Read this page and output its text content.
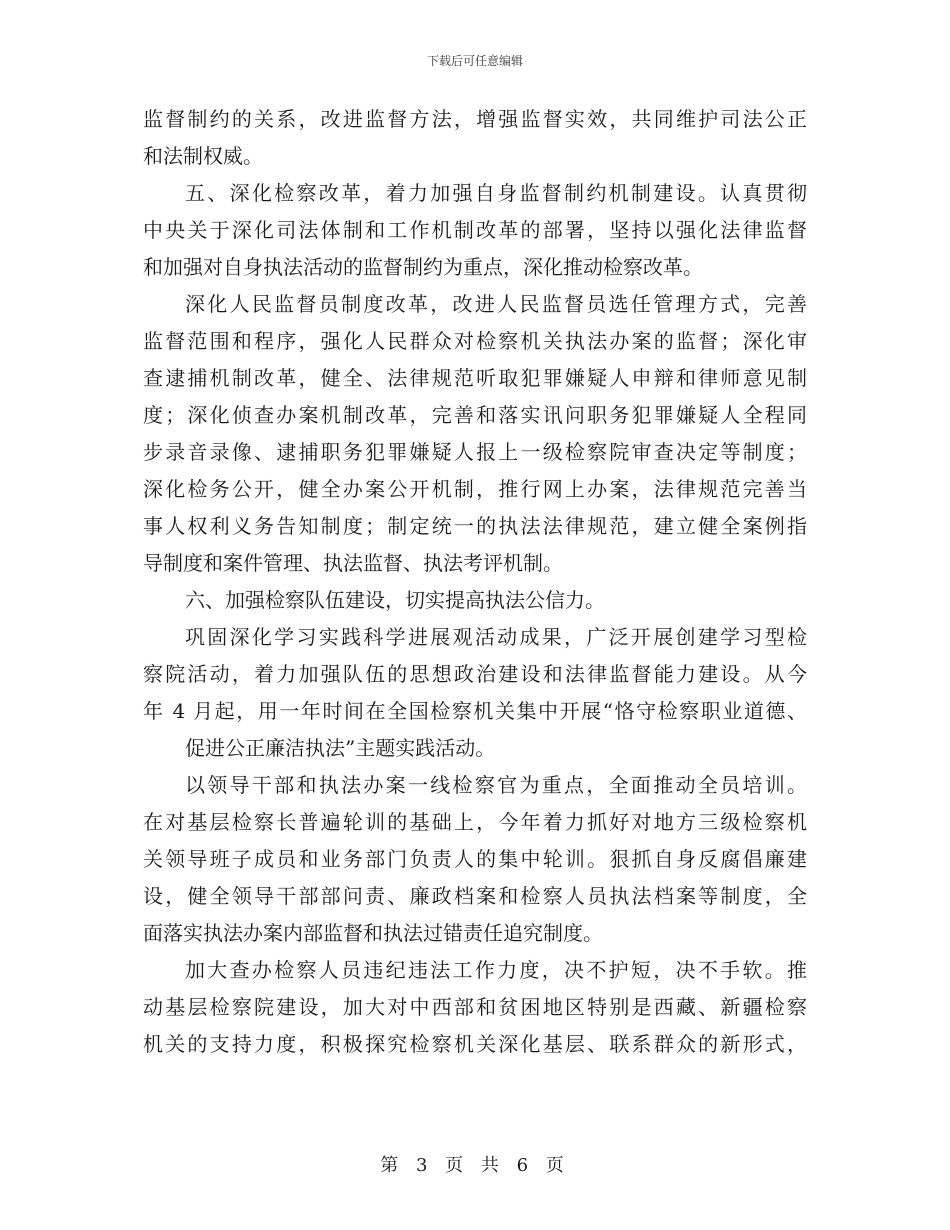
下载后可任意编辑
监督制约的关系，改进监督方法，增强监督实效，共同维护司法公正
和法制权威。
五、深化检察改革，着力加强自身监督制约机制建设。认真贯彻
中央关于深化司法体制和工作机制改革的部署，坚持以强化法律监督
和加强对自身执法活动的监督制约为重点，深化推动检察改革。
深化人民监督员制度改革，改进人民监督员选任管理方式，完善
监督范围和程序，强化人民群众对检察机关执法办案的监督；深化审
查逮捕机制改革，健全、法律规范听取犯罪嫌疑人申辩和律师意见制
度；深化侦查办案机制改革，完善和落实讯问职务犯罪嫌疑人全程同
步录音录像、逮捕职务犯罪嫌疑人报上一级检察院审查决定等制度；
深化检务公开，健全办案公开机制，推行网上办案，法律规范完善当
事人权利义务告知制度；制定统一的执法法律规范，建立健全案例指
导制度和案件管理、执法监督、执法考评机制。
六、加强检察队伍建设，切实提高执法公信力。
巩固深化学习实践科学进展观活动成果，广泛开展创建学习型检
察院活动，着力加强队伍的思想政治建设和法律监督能力建设。从今
年 4 月起，用一年时间在全国检察机关集中开展“恪守检察职业道德、
促进公正廉洁执法”主题实践活动。
以领导干部和执法办案一线检察官为重点，全面推动全员培训。
在对基层检察长普遍轮训的基础上，今年着力抓好对地方三级检察机
关领导班子成员和业务部门负责人的集中轮训。狠抓自身反腐倡廉建
设，健全领导干部部问责、廉政档案和检察人员执法档案等制度，全
面落实执法办案内部监督和执法过错责任追究制度。
加大查办检察人员违纪违法工作力度，决不护短，决不手软。推
动基层检察院建设，加大对中西部和贫困地区特别是西藏、新疆检察
机关的支持力度，积极探究检察机关深化基层、联系群众的新形式，
第 3 页 共 6 页
